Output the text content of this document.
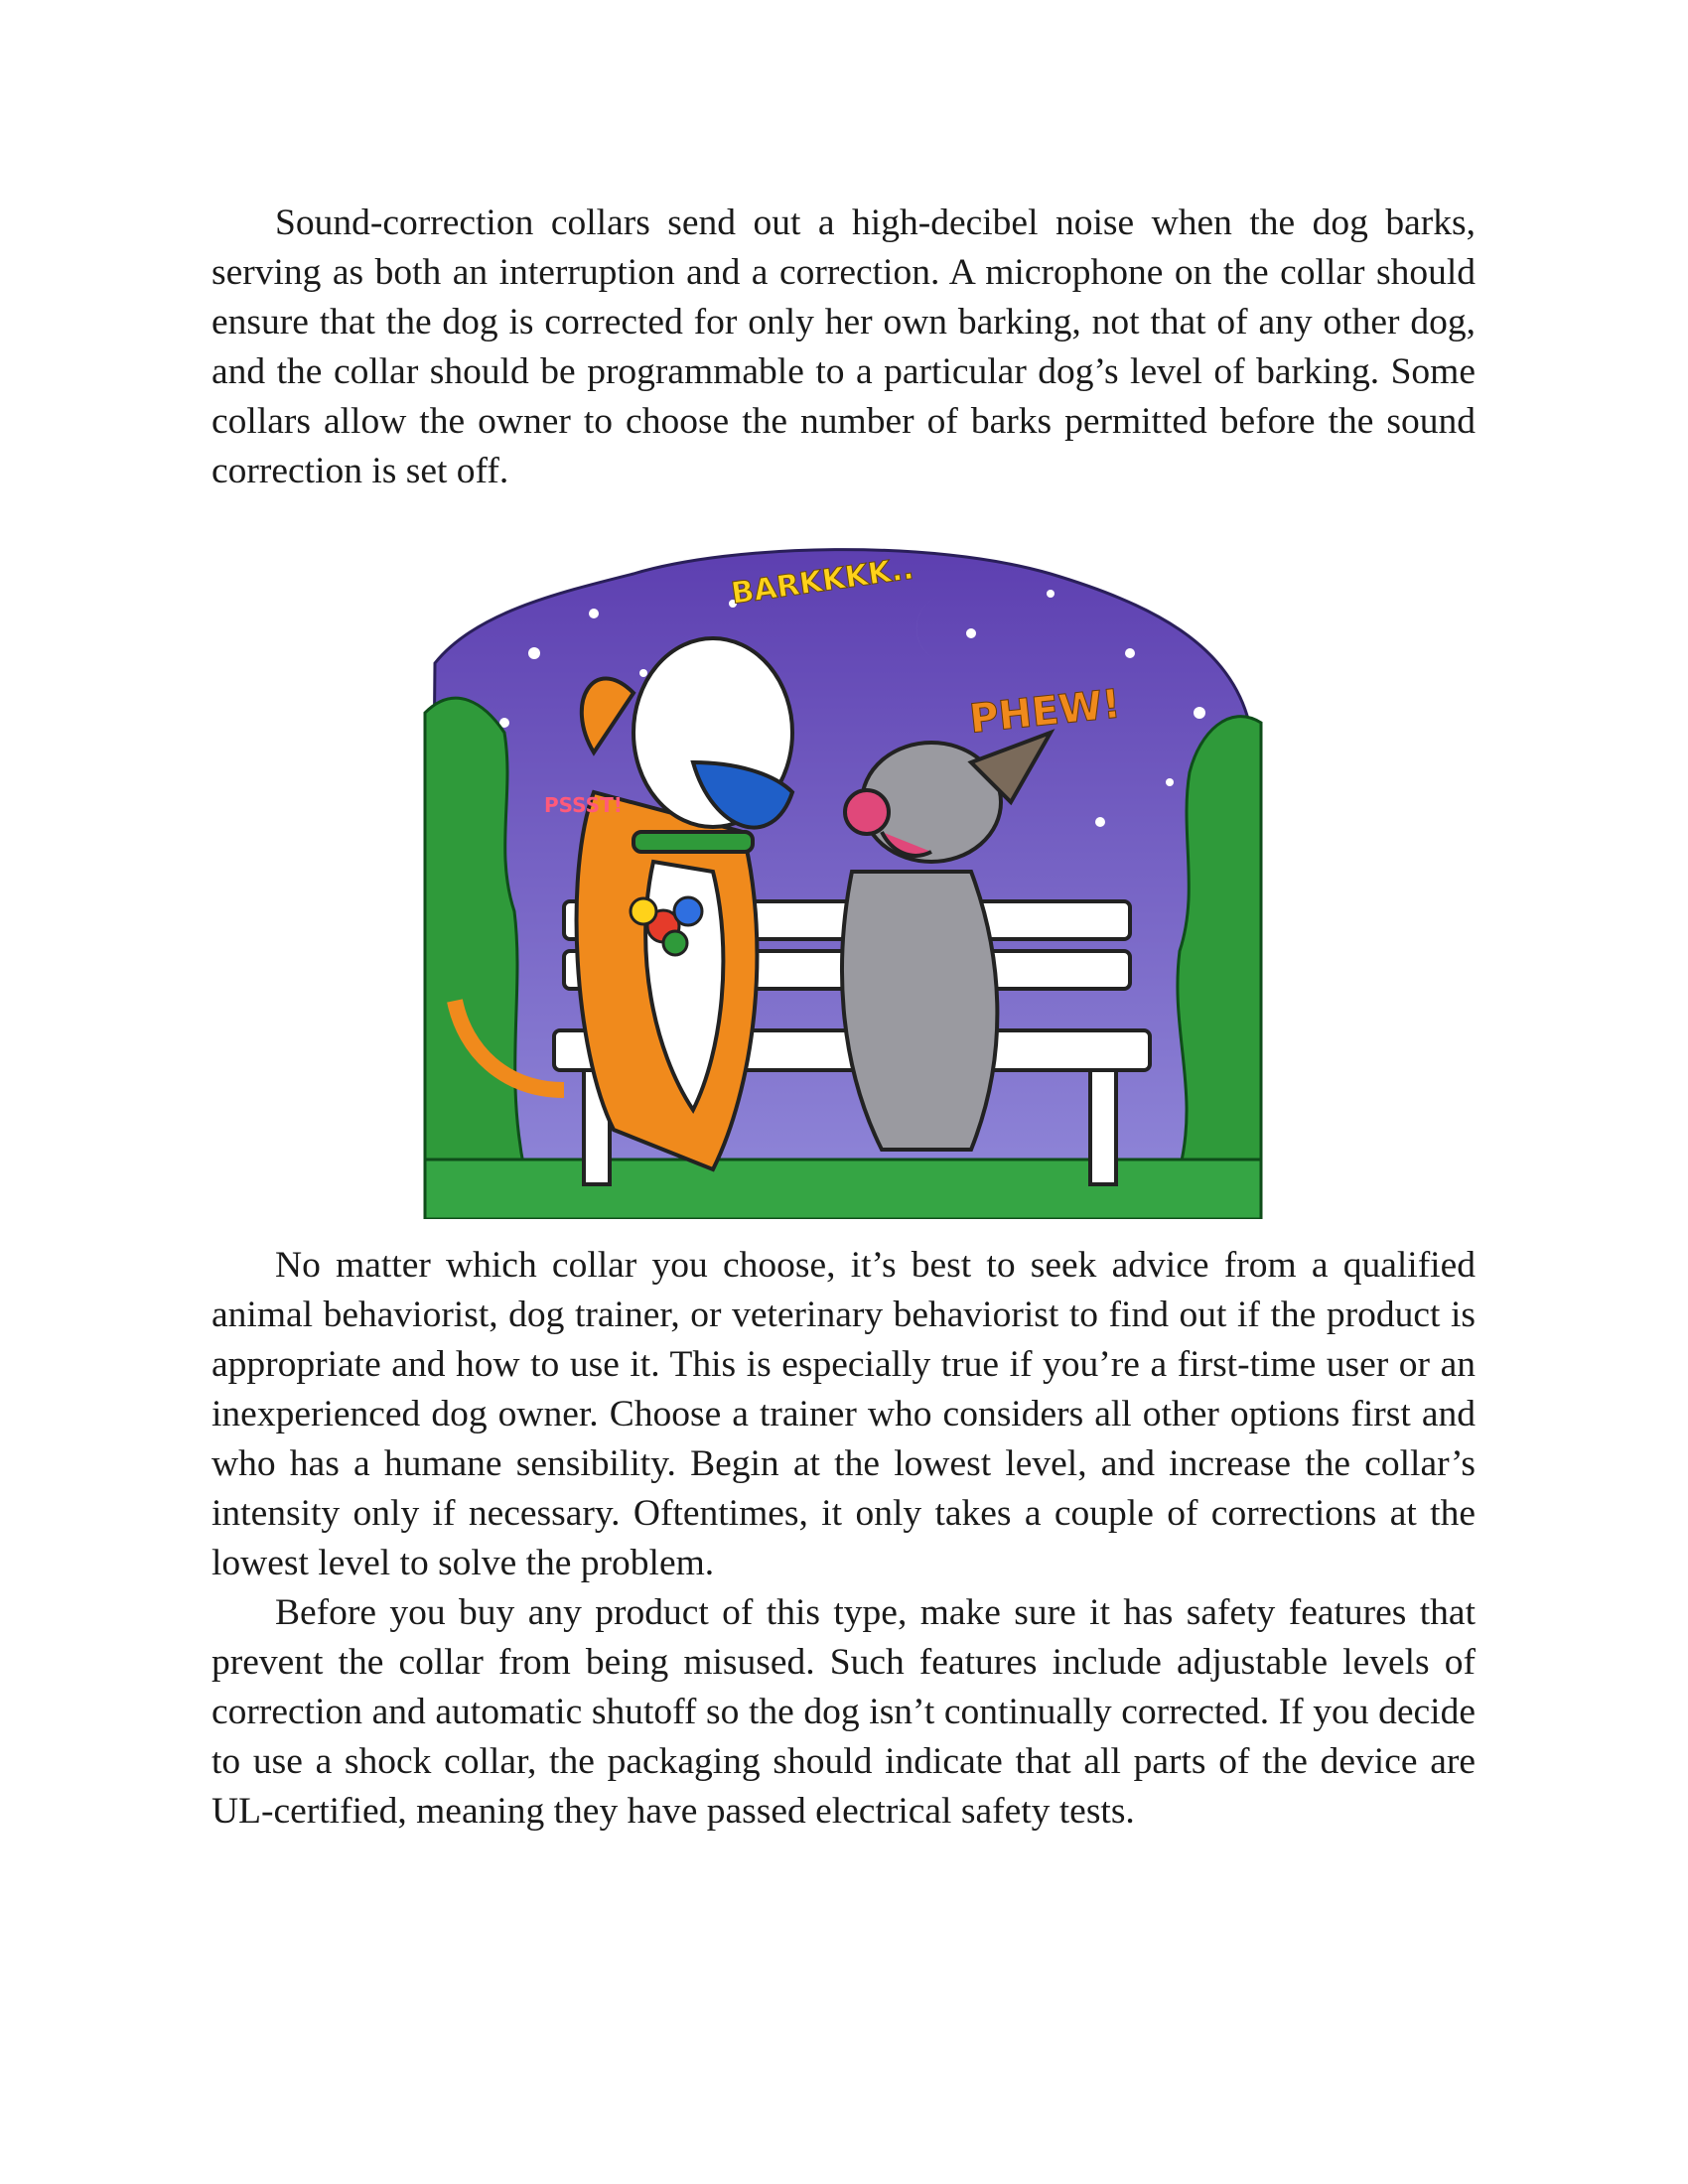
Sound-correction collars send out a high-decibel noise when the dog barks, serving as both an interruption and a correction. A microphone on the collar should ensure that the dog is corrected for only her own barking, not that of any other dog, and the collar should be programmable to a particular dog’s level of barking. Some collars allow the owner to choose the number of barks permitted before the sound correction is set off.

BARKKKK..
PHEW!
PSSST!

No matter which collar you choose, it’s best to seek advice from a qualified animal behaviorist, dog trainer, or veterinary behaviorist to find out if the product is appropriate and how to use it. This is especially true if you’re a first-time user or an inexperienced dog owner. Choose a trainer who considers all other options first and who has a humane sensibility. Begin at the lowest level, and increase the collar’s intensity only if necessary. Oftentimes, it only takes a couple of corrections at the lowest level to solve the problem.

Before you buy any product of this type, make sure it has safety features that prevent the collar from being misused. Such features include adjustable levels of correction and automatic shutoff so the dog isn’t continually corrected. If you decide to use a shock collar, the packaging should indicate that all parts of the device are UL-certified, meaning they have passed electrical safety tests.
